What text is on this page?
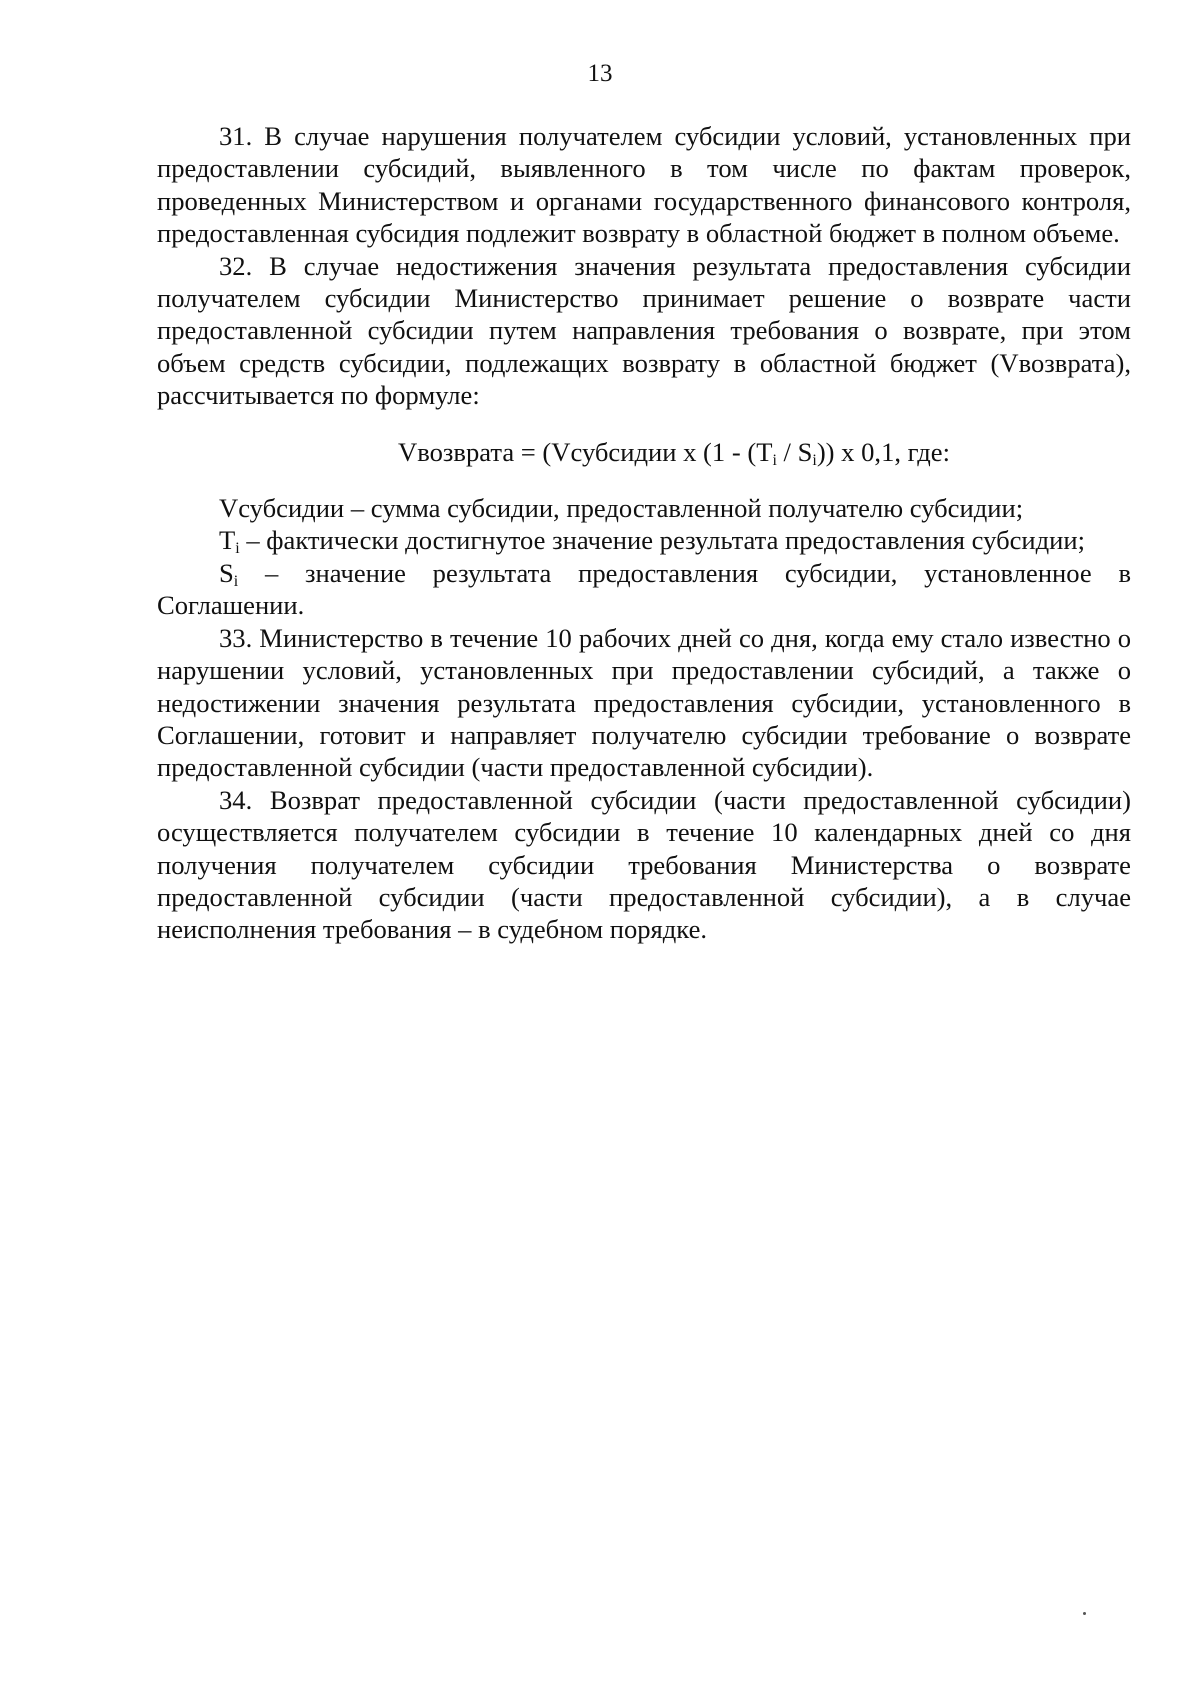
13

31. В случае нарушения получателем субсидии условий, установленных при предоставлении субсидий, выявленного в том числе по фактам проверок, проведенных Министерством и органами государственного финансового контроля, предоставленная субсидия подлежит возврату в областной бюджет в полном объеме.

32. В случае недостижения значения результата предоставления субсидии получателем субсидии Министерство принимает решение о возврате части предоставленной субсидии путем направления требования о возврате, при этом объем средств субсидии, подлежащих возврату в областной бюджет (Vвозврата), рассчитывается по формуле:

Vвозврата = (Vсубсидии x $(1 - (T_i / S_i))$ x 0,1, где:

Vсубсидии – сумма субсидии, предоставленной получателю субсидии;

$T_i$ – фактически достигнутое значение результата предоставления субсидии;

$S_i$ – значение результата предоставления субсидии, установленное в Соглашении.

33. Министерство в течение 10 рабочих дней со дня, когда ему стало известно о нарушении условий, установленных при предоставлении субсидий, а также о недостижении значения результата предоставления субсидии, установленного в Соглашении, готовит и направляет получателю субсидии требование о возврате предоставленной субсидии (части предоставленной субсидии).

34. Возврат предоставленной субсидии (части предоставленной субсидии) осуществляется получателем субсидии в течение 10 календарных дней со дня получения получателем субсидии требования Министерства о возврате предоставленной субсидии (части предоставленной субсидии), а в случае неисполнения требования – в судебном порядке.
